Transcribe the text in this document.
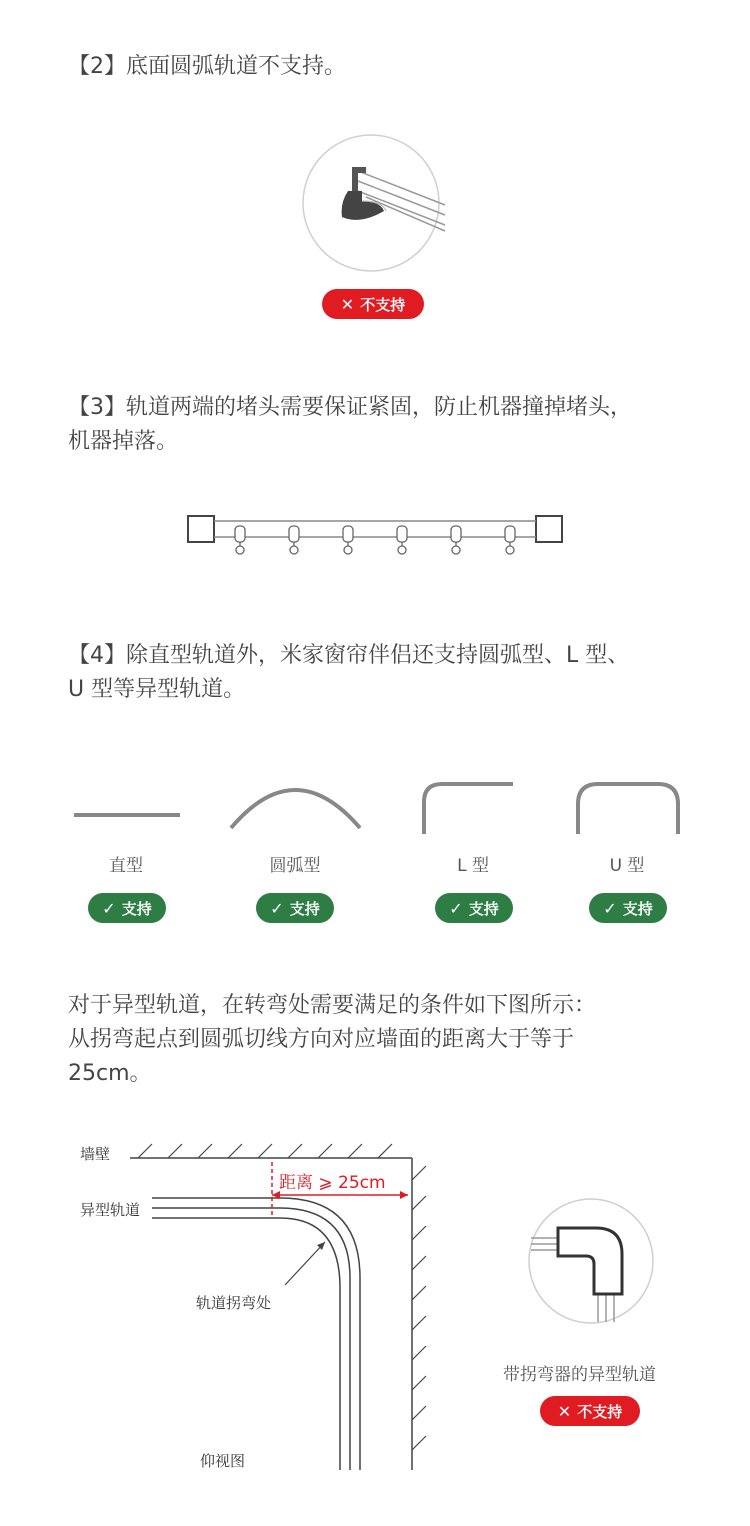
【2】底面圆弧轨道不支持。

✕ 不支持

【3】轨道两端的堵头需要保证紧固，防止机器撞掉堵头，
机器掉落。

【4】除直型轨道外，米家窗帘伴侣还支持圆弧型、L 型、
U 型等异型轨道。

直型	圆弧型	L 型	U 型
✓ 支持	✓ 支持	✓ 支持	✓ 支持

对于异型轨道，在转弯处需要满足的条件如下图所示：
从拐弯起点到圆弧切线方向对应墙面的距离大于等于
25cm。

墙壁
异型轨道
距离 ⩾ 25cm
轨道拐弯处
仰视图
带拐弯器的异型轨道
✕ 不支持
